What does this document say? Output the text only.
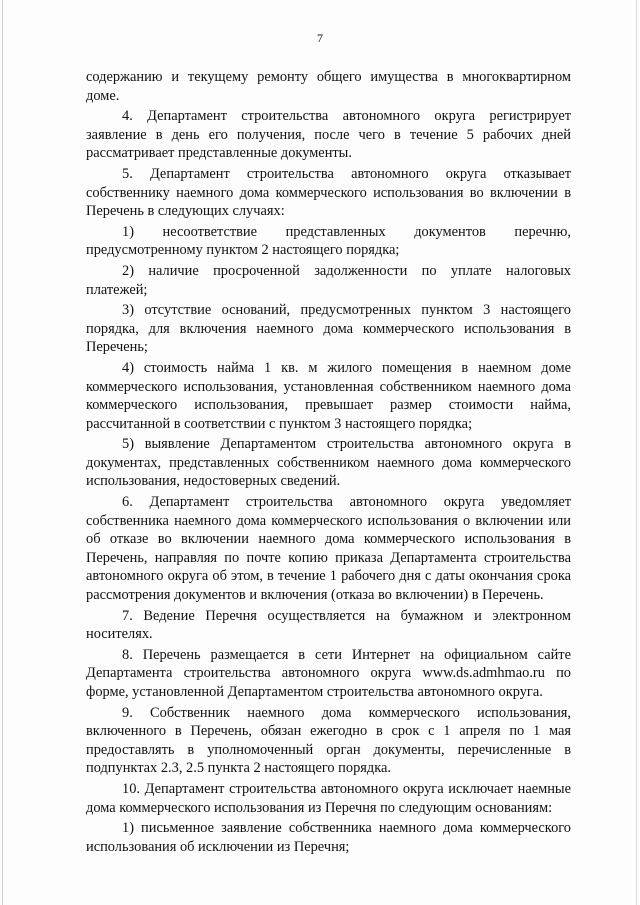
7

содержанию и текущему ремонту общего имущества в многоквартирном доме.

4. Департамент строительства автономного округа регистрирует заявление в день его получения, после чего в течение 5 рабочих дней рассматривает представленные документы.

5. Департамент строительства автономного округа отказывает собственнику наемного дома коммерческого использования во включении в Перечень в следующих случаях:

1) несоответствие представленных документов перечню, предусмотренному пунктом 2 настоящего порядка;

2) наличие просроченной задолженности по уплате налоговых платежей;

3) отсутствие оснований, предусмотренных пунктом 3 настоящего порядка, для включения наемного дома коммерческого использования в Перечень;

4) стоимость найма 1 кв. м жилого помещения в наемном доме коммерческого использования, установленная собственником наемного дома коммерческого использования, превышает размер стоимости найма, рассчитанной в соответствии с пунктом 3 настоящего порядка;

5) выявление Департаментом строительства автономного округа в документах, представленных собственником наемного дома коммерческого использования, недостоверных сведений.

6. Департамент строительства автономного округа уведомляет собственника наемного дома коммерческого использования о включении или об отказе во включении наемного дома коммерческого использования в Перечень, направляя по почте копию приказа Департамента строительства автономного округа об этом, в течение 1 рабочего дня с даты окончания срока рассмотрения документов и включения (отказа во включении) в Перечень.

7. Ведение Перечня осуществляется на бумажном и электронном носителях.

8. Перечень размещается в сети Интернет на официальном сайте Департамента строительства автономного округа www.ds.admhmao.ru по форме, установленной Департаментом строительства автономного округа.

9. Собственник наемного дома коммерческого использования, включенного в Перечень, обязан ежегодно в срок с 1 апреля по 1 мая предоставлять в уполномоченный орган документы, перечисленные в подпунктах 2.3, 2.5 пункта 2 настоящего порядка.

10. Департамент строительства автономного округа исключает наемные дома коммерческого использования из Перечня по следующим основаниям:

1) письменное заявление собственника наемного дома коммерческого использования об исключении из Перечня;
